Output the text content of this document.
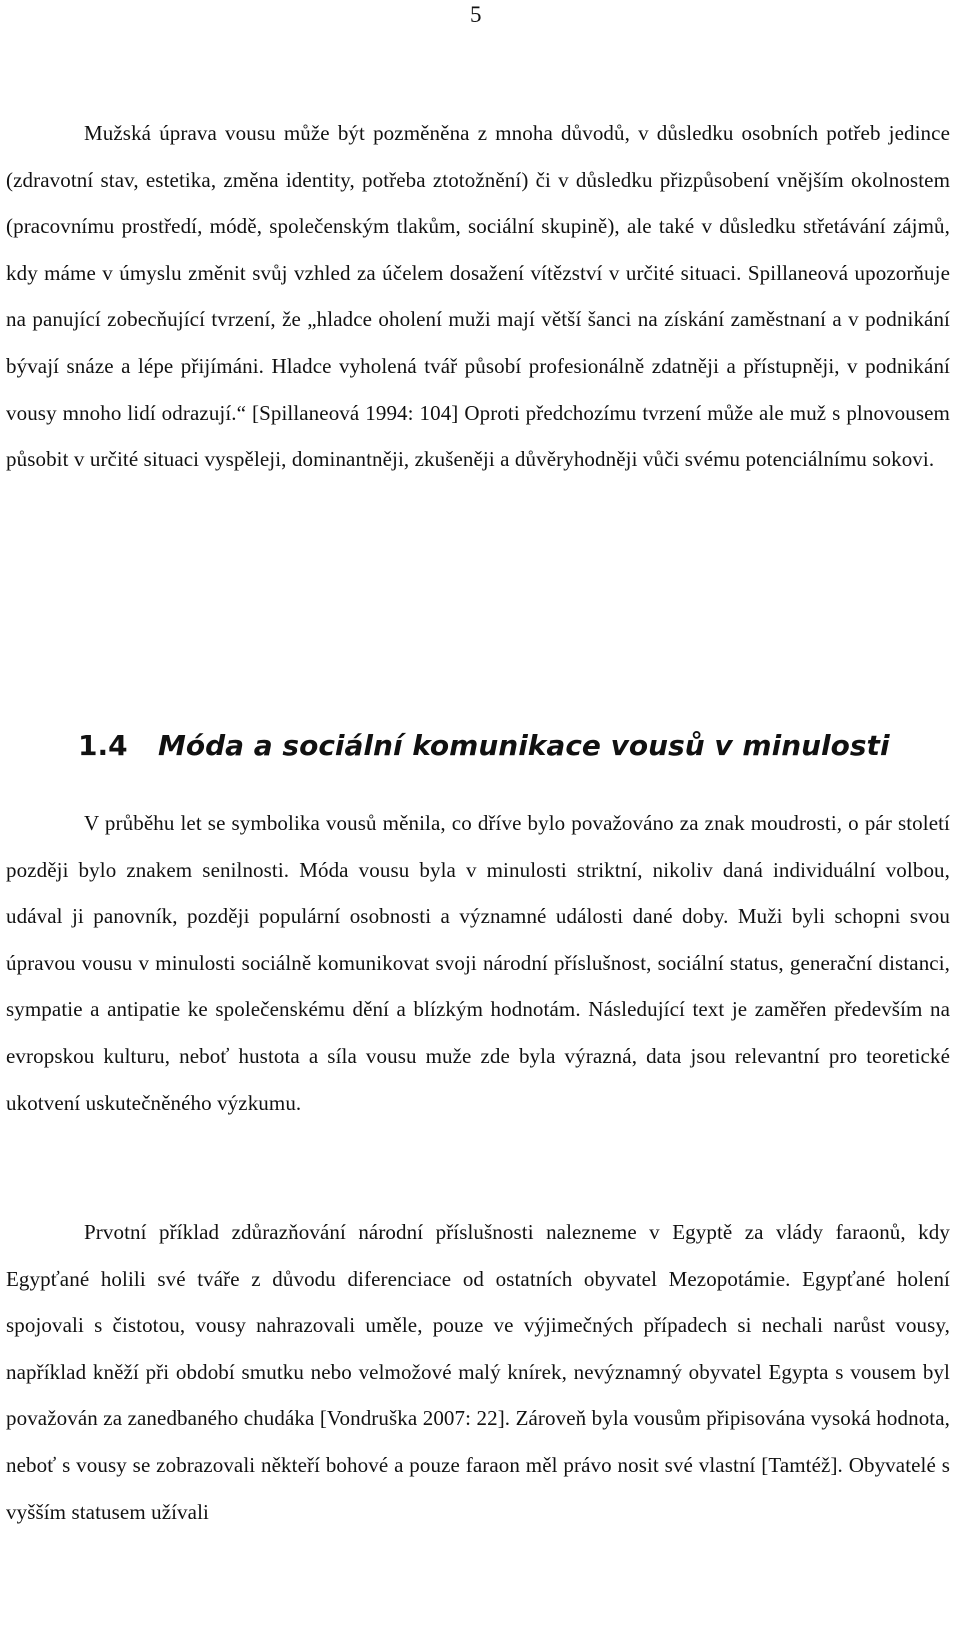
5

Mužská úprava vousu může být pozměněna z mnoha důvodů, v důsledku osobních potřeb jedince (zdravotní stav, estetika, změna identity, potřeba ztotožnění) či v důsledku přizpůsobení vnějším okolnostem (pracovnímu prostředí, módě, společenským tlakům, sociální skupině), ale také v důsledku střetávání zájmů, kdy máme v úmyslu změnit svůj vzhled za účelem dosažení vítězství v určité situaci. Spillaneová upozorňuje na panující zobecňující tvrzení, že „hladce oholení muži mají větší šanci na získání zaměstnaní a v podnikání bývají snáze a lépe přijímáni. Hladce vyholená tvář působí profesionálně zdatněji a přístupněji, v podnikání vousy mnoho lidí odrazují.“ [Spillaneová 1994: 104] Oproti předchozímu tvrzení může ale muž s plnovousem působit v určité situaci vyspěleji, dominantněji, zkušeněji a důvěryhodněji vůči svému potenciálnímu sokovi.

1.4 Móda a sociální komunikace vousů v minulosti

V průběhu let se symbolika vousů měnila, co dříve bylo považováno za znak moudrosti, o pár století později bylo znakem senilnosti. Móda vousu byla v minulosti striktní, nikoliv daná individuální volbou, udával ji panovník, později populární osobnosti a významné události dané doby. Muži byli schopni svou úpravou vousu v minulosti sociálně komunikovat svoji národní příslušnost, sociální status, generační distanci, sympatie a antipatie ke společenskému dění a blízkým hodnotám. Následující text je zaměřen především na evropskou kulturu, neboť hustota a síla vousu muže zde byla výrazná, data jsou relevantní pro teoretické ukotvení uskutečněného výzkumu.

Prvotní příklad zdůrazňování národní příslušnosti nalezneme v Egyptě za vlády faraonů, kdy Egypťané holili své tváře z důvodu diferenciace od ostatních obyvatel Mezopotámie. Egypťané holení spojovali s čistotou, vousy nahrazovali uměle, pouze ve výjimečných případech si nechali narůst vousy, například kněží při období smutku nebo velmožové malý knírek, nevýznamný obyvatel Egypta s vousem byl považován za zanedbaného chudáka [Vondruška 2007: 22]. Zároveň byla vousům připisována vysoká hodnota, neboť s vousy se zobrazovali někteří bohové a pouze faraon měl právo nosit své vlastní [Tamtéž]. Obyvatelé s vyšším statusem užívali
